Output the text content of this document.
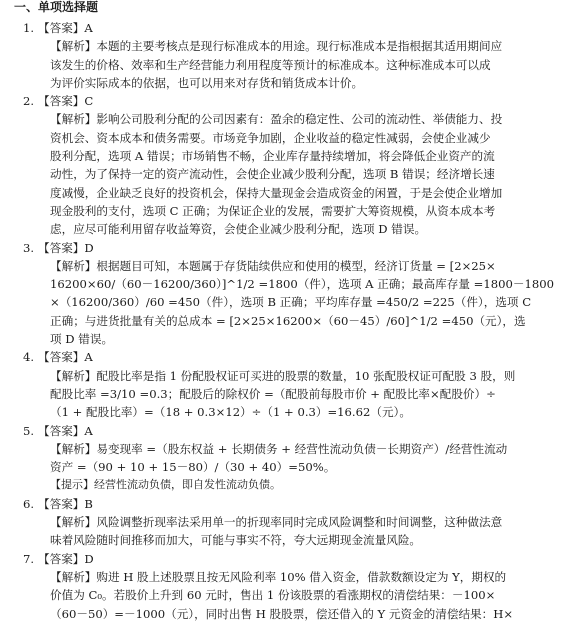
一、单项选择题
1. 【答案】A
【解析】本题的主要考核点是现行标准成本的用途。现行标准成本是指根据其适用期间应
该发生的价格、效率和生产经营能力利用程度等预计的标准成本。这种标准成本可以成
为评价实际成本的依据，也可以用来对存货和销货成本计价。
2. 【答案】C
【解析】影响公司股利分配的公司因素有：盈余的稳定性、公司的流动性、举债能力、投
资机会、资本成本和债务需要。市场竞争加剧，企业收益的稳定性减弱，会使企业减少
股利分配，选项 A 错误；市场销售不畅，企业库存量持续增加，将会降低企业资产的流
动性，为了保持一定的资产流动性，会使企业减少股利分配，选项 B 错误；经济增长速
度减慢，企业缺乏良好的投资机会，保持大量现金会造成资金的闲置，于是会使企业增加
现金股利的支付，选项 C 正确；为保证企业的发展，需要扩大筹资规模，从资本成本考
虑，应尽可能利用留存收益筹资，会使企业减少股利分配，选项 D 错误。
3. 【答案】D
【解析】根据题目可知，本题属于存货陆续供应和使用的模型，经济订货量 = [2×25×
16200×60/（60－16200/360）]^1/2 =1800（件），选项 A 正确；最高库存量 =1800－1800
×（16200/360）/60 =450（件），选项 B 正确；平均库存量 =450/2 =225（件），选项 C
正确；与进货批量有关的总成本 = [2×25×16200×（60－45）/60]^1/2 =450（元），选
项 D 错误。
4. 【答案】A
【解析】配股比率是指 1 份配股权证可买进的股票的数量，10 张配股权证可配股 3 股，则
配股比率 =3/10 =0.3；配股后的除权价 =（配股前每股市价 + 配股比率×配股价）÷
（1 + 配股比率）=（18 + 0.3×12）÷（1 + 0.3）=16.62（元）。
5. 【答案】A
【解析】易变现率 =（股东权益 + 长期债务 + 经营性流动负债－长期资产）/经营性流动
资产 =（90 + 10 + 15－80）/（30 + 40）=50%。
【提示】经营性流动负债，即自发性流动负债。
6. 【答案】B
【解析】风险调整折现率法采用单一的折现率同时完成风险调整和时间调整，这种做法意
味着风险随时间推移而加大，可能与事实不符，夸大远期现金流量风险。
7. 【答案】D
【解析】购进 H 股上述股票且按无风险利率 10% 借入资金，借款数额设定为 Y，期权的
价值为 C₀。若股价上升到 60 元时，售出 1 份该股票的看涨期权的清偿结果：－100×
（60－50）=－1000（元），同时出售 H 股股票，偿还借入的 Y 元资金的清偿结果：H×
